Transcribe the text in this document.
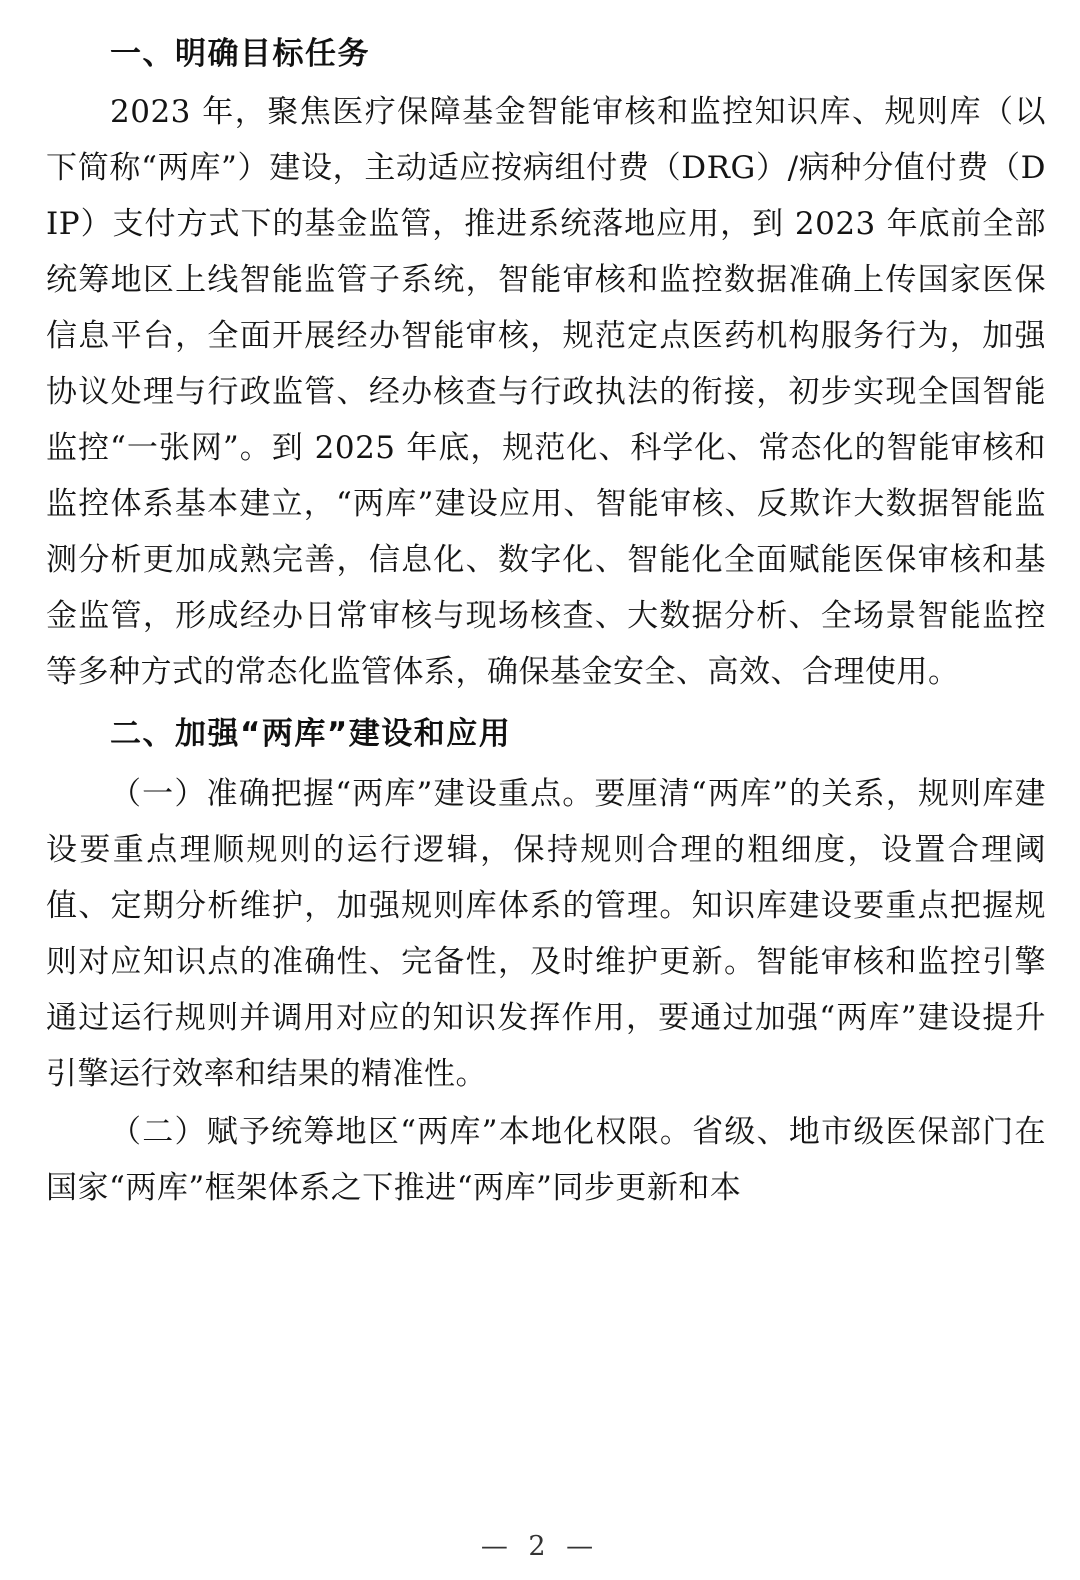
一、明确目标任务

2023 年，聚焦医疗保障基金智能审核和监控知识库、规则库（以下简称“两库”）建设，主动适应按病组付费（DRG）/病种分值付费（DIP）支付方式下的基金监管，推进系统落地应用，到 2023 年底前全部统筹地区上线智能监管子系统，智能审核和监控数据准确上传国家医保信息平台，全面开展经办智能审核，规范定点医药机构服务行为，加强协议处理与行政监管、经办核查与行政执法的衔接，初步实现全国智能监控“一张网”。到 2025 年底，规范化、科学化、常态化的智能审核和监控体系基本建立，“两库”建设应用、智能审核、反欺诈大数据智能监测分析更加成熟完善，信息化、数字化、智能化全面赋能医保审核和基金监管，形成经办日常审核与现场核查、大数据分析、全场景智能监控等多种方式的常态化监管体系，确保基金安全、高效、合理使用。

二、加强“两库”建设和应用

（一）准确把握“两库”建设重点。要厘清“两库”的关系，规则库建设要重点理顺规则的运行逻辑，保持规则合理的粗细度，设置合理阈值、定期分析维护，加强规则库体系的管理。知识库建设要重点把握规则对应知识点的准确性、完备性，及时维护更新。智能审核和监控引擎通过运行规则并调用对应的知识发挥作用，要通过加强“两库”建设提升引擎运行效率和结果的精准性。

（二）赋予统筹地区“两库”本地化权限。省级、地市级医保部门在国家“两库”框架体系之下推进“两库”同步更新和本

— 2 —
